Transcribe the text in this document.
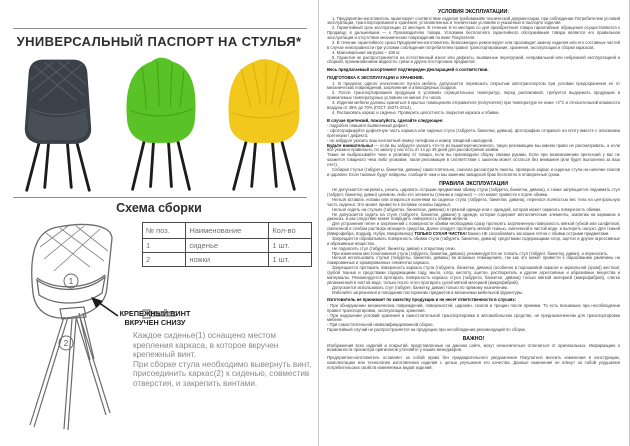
УНИВЕРСАЛЬНЫЙ ПАСПОРТ НА СТУЛЬЯ*
Схема сборки
1
№ поз.	Наименование	Кол-во
1	сиденье	1 шт.
2	ножки	1 шт.
2
КРЕПЕЖНЫЙ ВИНТ
ВКРУЧЕН СНИЗУ

Каждое сиденье(1) оснащено местом крепления каркаса, в которое вкручен крепежный винт.

При сборке стула необходимо вывернуть винт, присоединить каркас(2) к сиденью, совместив отверстия, и закрепить винтами.

УСЛОВИЯ ЭКСПЛУАТАЦИИ:

1. Предприятие-изготовитель гарантирует соответствие изделия требованиям технической документации, при соблюдении Потребителем условий эксплуатации, транспортирования и хранения, установленных в технических условиях и указанных в паспорте изделия.

2. Гарантийный срок эксплуатации 12 месяцев. В течение 6-ти месяцев со дня приобретения товара гарантийные обращения осуществляются к Продавцу, в дальнейшем — к Производителю товара. Условием бесплатного гарантийного обслуживания товара является его правильная эксплуатация и отсутствие механических повреждений по вине Покупателя.

3. В течение гарантийного срока Предприятие-изготовитель безвозмездно ремонтирует или производит замену изделия или его составных частей в случае неисправности при условии соблюдения потребителем правил транспортирования, хранения, эксплуатации и сборки каркасов.

4. Максимальная нагрузка – 100 кг.

5. Гарантия не распространяется на естественный износ или дефекты, вызванные перегрузкой, неправильной или небрежной эксплуатацией и сборкой, проникновением жидкости, грязи и других посторонних предметов.

Весь предлагаемый ассортимент подтвержден Декларацией о соответствии.

ПОДГОТОВКА К ЭКСПЛУАТАЦИИ и ХРАНЕНИЕ.

1. В пределах одного населенного пункта мебель допускается перевозить открытым автотранспортом при условии предохранения ее от механических повреждений, загрязнения и атмосферных осадков.

2. После транспортирования продукции в условиях отрицательных температур, перед распаковкой, требуется выдержать продукцию в приемлемых температурных условиях не менее 2-х часов.

3. Изделия мебели должны храниться в крытых помещениях отправителя (получателя) при температуре не ниже +2°С и относительной влажности воздуха от 45% до 70% (ГОСТ 16371-2014).

4. Распаковать каркас и сиденье. Проверить целостность покрытия каркаса и обивки.

В случае претензий, пожалуйста, сделайте следующее:

- подробно опишите выявленный дефект;

- сфотографируйте дефектную часть каркаса или сиденья стула (табурета, банкетки, дивана), фотографию отправьте на почту вместе с описанием претензии / дефекта;

- не забудьте указать ваш контактный номер телефона и номер товарной накладной.

Будьте внимательны! — если вы забудете указать что-то из вышеперечисленного, такую рекламацию мы имеем право не рассматривать, а если всё указано правильно, по закону у нас есть от 14 до 45 дней для рассмотрения заявки.

Также не выбрасывайте чеки и упаковку от товара, если вы производили сборку своими руками. Если при возникновении претензий у вас не окажется товарного чека либо упаковки, такая рекламация в соответствии с законом может остаться без внимания (или будет выполнена за ваш счет).

Собирая стулья (табуреты, банкетки, диваны) самостоятельно, сначала рассмотрите пакеты, проверьте каркас и сиденье стула на наличие сколов и царапин. Если таковые будут найдены, сообщите нам и мы заменим заводской брак бесплатно в оговоренные сроки.

ПРАВИЛА ЭКСПЛУАТАЦИИ

Не допускается нагревать, резать, царапать острыми предметами обивку стула (табурета, банкетки, дивана), а также запрещается поднимать стул (табурет, банкетку, диван) целиком, либо его элементы (спинки и сиденья) — это может привести к порче обивки.

Нельзя вставать ногами или опираться коленями на сиденье стула (табурета, банкетки, дивана), перенося полностью вес тела на центральную часть сиденья. Это может привести к поломке основы сиденья.

Нельзя сидеть на стульях (табуретах, банкетках, диванах) в грязной одежде или с одеждой, которая может окрасить поверхность обивки.

Не допускается сидеть на стуле (табурете, банкетке, диване) в одежде, которая содержит металлические элементы, заклепки на карманах и джинсах, и как следствие может повредить поверхность обивки мебели.

Для устранения пятен и загрязнений с поверхности обивки необходимо сразу протереть загрязненную поверхность мягкой губкой или салфеткой, смоченной в слабом растворе моющего средства. Далее следует протереть мягкой тканью, смоченной в чистой воде, и вытереть насухо. Для тканей (Микрофибра, Кордиф, Нубук, Микровелюр) ТОЛЬКО СУХАЯ ЧИСТКА! Важно НЕ соскабливать засохшие пятна с обивки острыми предметами.

Запрещается обрабатывать поверхность обивки стула (табурета, банкетки, дивана) средствами содержащими хлор, ацетон и другие агрессивные и абразивные вещества.

Не подносить стул (табурет, банкетку, диван) к открытому огню.

При изменении местоположения стула (табурета, банкетки, дивана), рекомендуется не толкать стул (табурет, банкетку, диван), а переносить.

Нельзя использовать стулья (табуреты, банкетки, диваны) во влажных помещениях, так как это может привести к образованию ржавчины на лакированных и хромированных элементах каркаса.

Запрещается протирать поверхность каркаса стула (табурета, банкетки, дивана) (особенно в порошковой окраске и зеркальной (хром)) жесткой, грубой тканью и средствами содержащими соду, мыло, хлор, кислоту, ацетон, растворитель и другие агрессивные и абразивные вещества и материалы. Рекомендуется протирать поверхность каркаса стула (табурета, банкетки, дивана) только мягкой материей (микрофиброй), слегка увлажненной в чистой воде, только после этого протирать сухой мягкой материей (микрофиброй).

Допускается использовать стул (табурет, банкетку, диван) только по прямому назначению.

Избегайте загрязнения и попадания посторонних предметов в механизмы мебельной фурнитуры.

Изготовитель не принимает по качеству продукции и не несет ответственности в случаях:

- При обнаружении механических повреждений, поверхностей, царапин, сколов и трещин после приемки. То есть возникших при несоблюдении правил транспортировки, эксплуатации, хранения.

- При нарушении условий хранения и самостоятельной транспортировки в автомобильном средстве, не предназначенном для транспортировки мебели.

- При самостоятельной неквалифицированной сборке.

Гарантийный случай не распространяется на продукцию при несоблюдении рекомендаций по сборке.

ВАЖНО!

Изображения всех изделий и покрытий, представленные на данном сайте, могут незначительно отличаться от оригинальных. Информацию о возможности просмотра оригиналов уточняйте у наших менеджеров.

Предприятие-изготовитель оставляет за собой право без предварительного уведомления Покупателя вносить изменения в конструкцию, комплектацию или технологию изготовления изделия с целью улучшения его качества. Данные изменения не влекут за собой ухудшения потребительских свойств изменяемых видов изделий.
